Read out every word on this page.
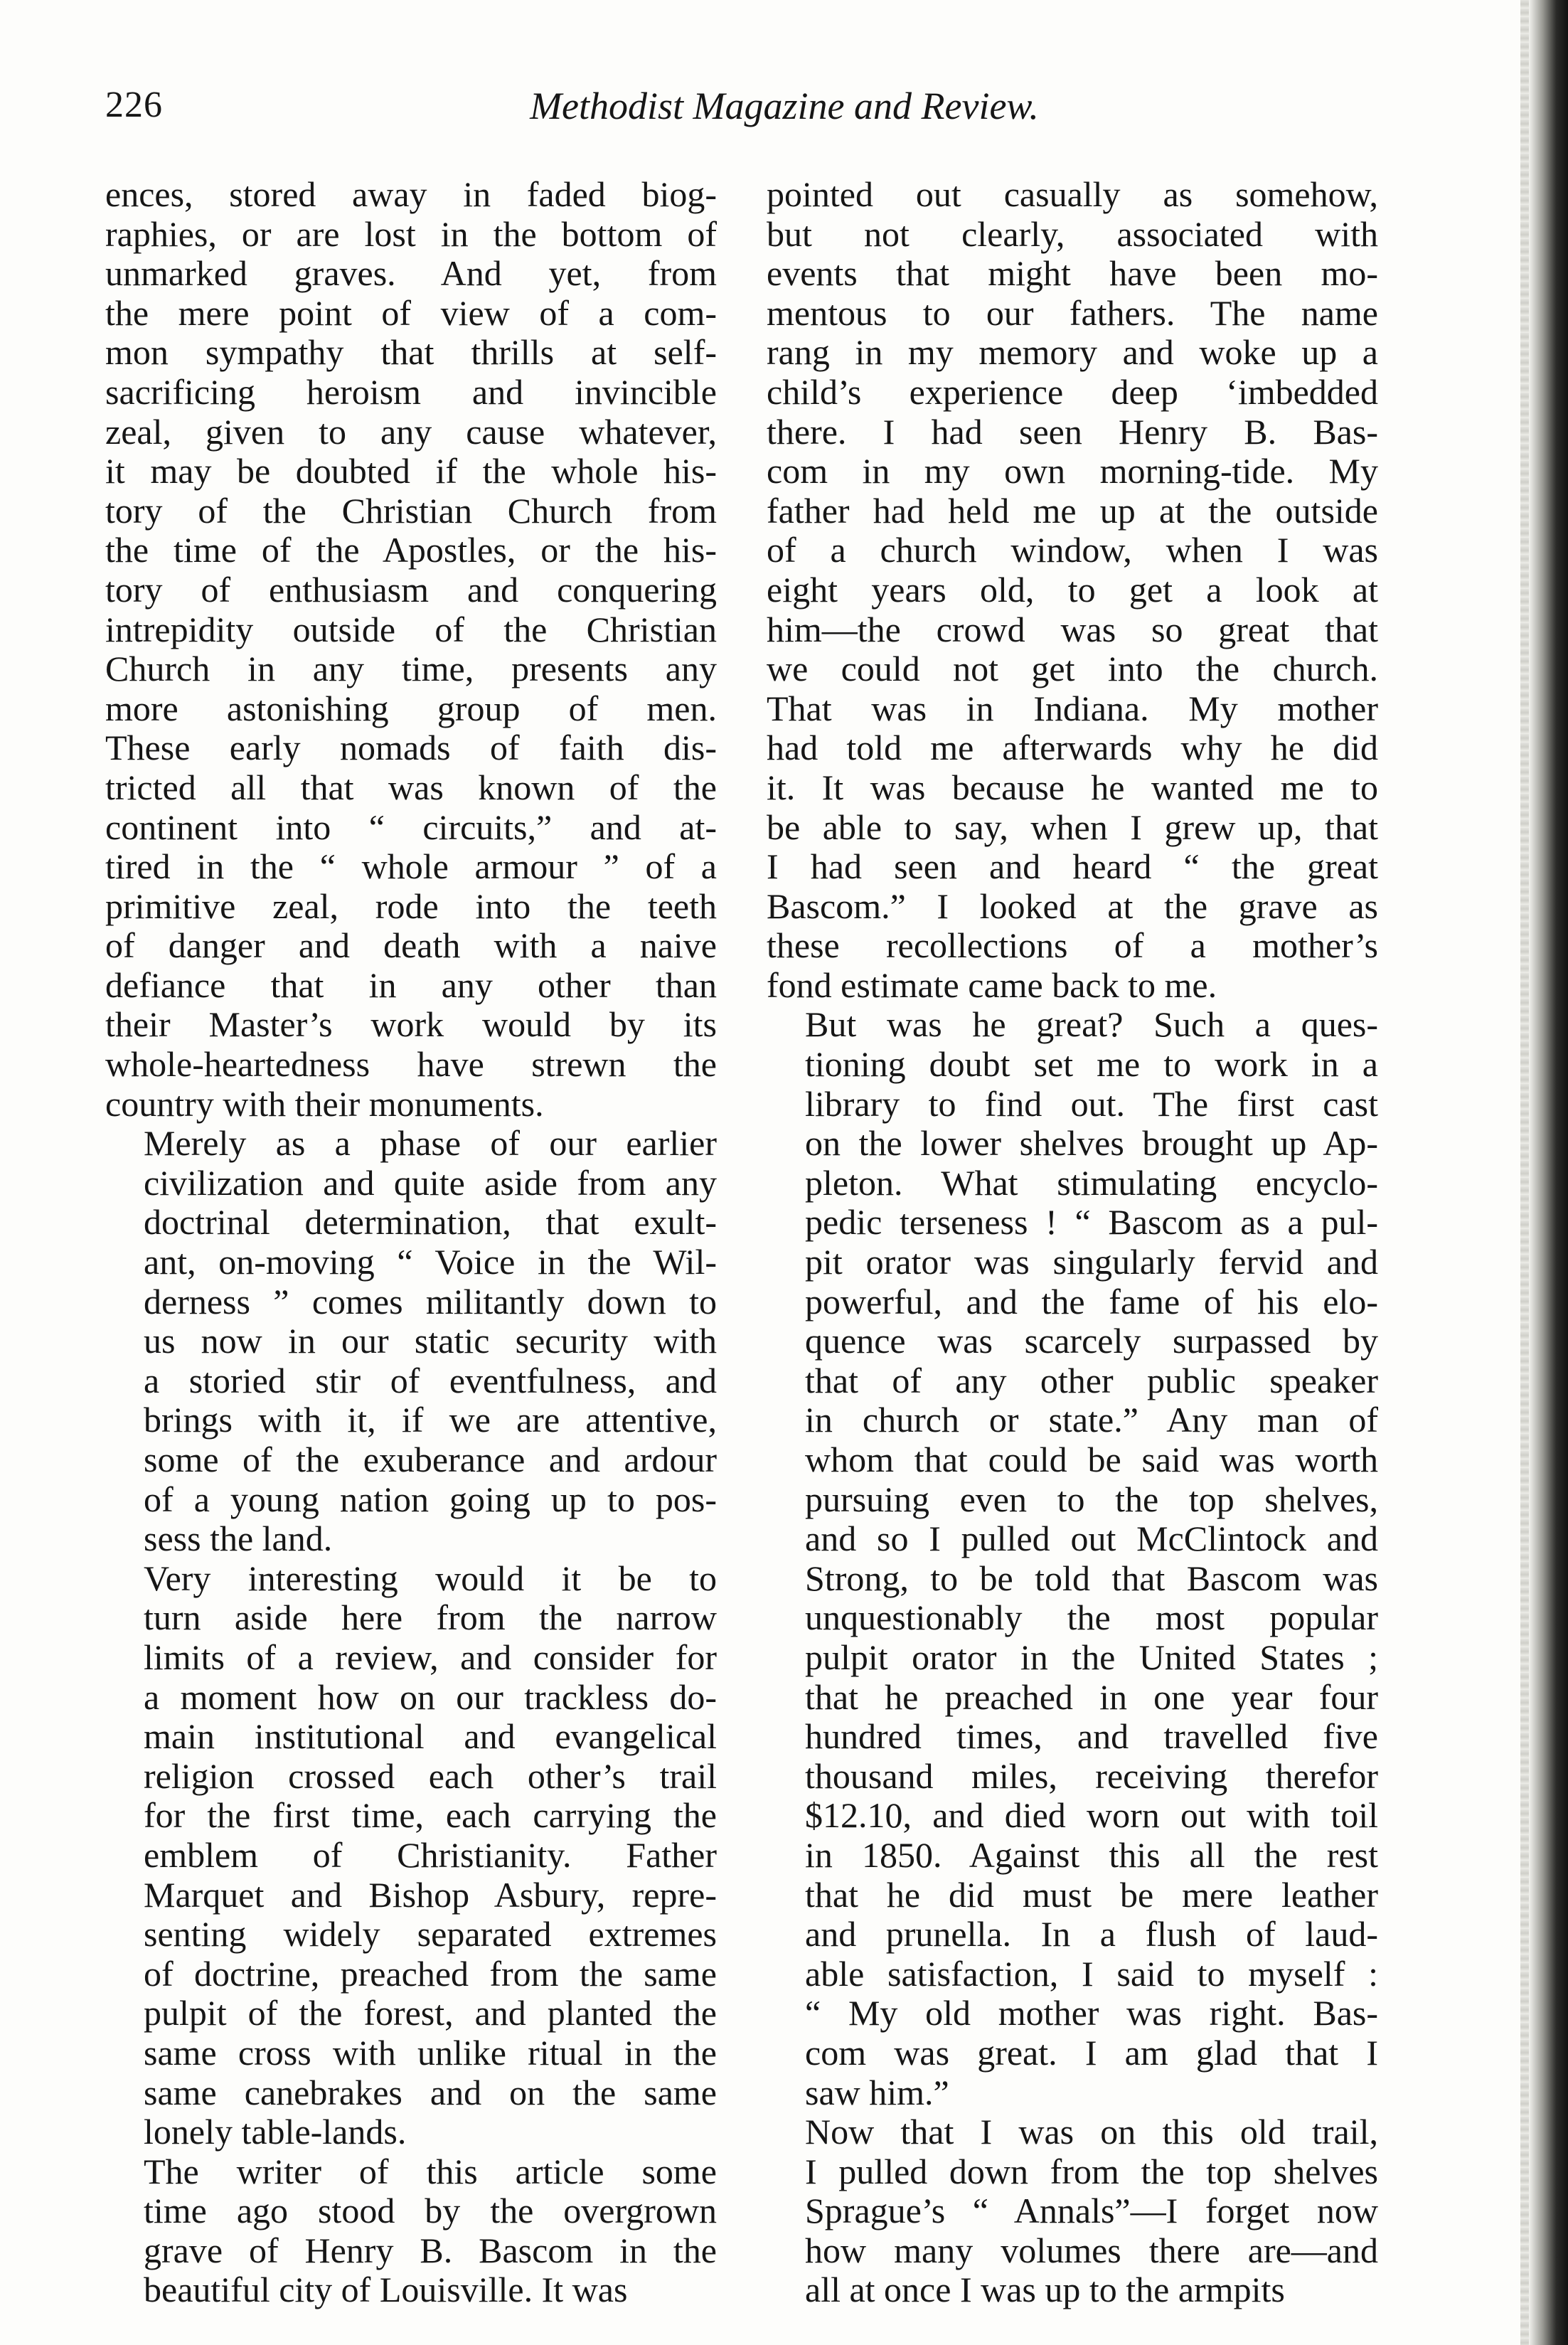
226	Methodist Magazine and Review.

ences, stored away in faded biog-
raphies, or are lost in the bottom of
unmarked graves. And yet, from
the mere point of view of a com-
mon sympathy that thrills at self-
sacrificing heroism and invincible
zeal, given to any cause whatever,
it may be doubted if the whole his-
tory of the Christian Church from
the time of the Apostles, or the his-
tory of enthusiasm and conquering
intrepidity outside of the Christian
Church in any time, presents any
more astonishing group of men.
These early nomads of faith dis-
tricted all that was known of the
continent into “ circuits,” and at-
tired in the “ whole armour ” of a
primitive zeal, rode into the teeth
of danger and death with a naive
defiance that in any other than
their Master’s work would by its
whole-heartedness have strewn the
country with their monuments.

Merely as a phase of our earlier
civilization and quite aside from any
doctrinal determination, that exult-
ant, on-moving “ Voice in the Wil-
derness ” comes militantly down to
us now in our static security with
a storied stir of eventfulness, and
brings with it, if we are attentive,
some of the exuberance and ardour
of a young nation going up to pos-
sess the land.

Very interesting would it be to
turn aside here from the narrow
limits of a review, and consider for
a moment how on our trackless do-
main institutional and evangelical
religion crossed each other’s trail
for the first time, each carrying the
emblem of Christianity. Father
Marquet and Bishop Asbury, repre-
senting widely separated extremes
of doctrine, preached from the same
pulpit of the forest, and planted the
same cross with unlike ritual in the
same canebrakes and on the same
lonely table-lands.

The writer of this article some
time ago stood by the overgrown
grave of Henry B. Bascom in the
beautiful city of Louisville. It was

pointed out casually as somehow,
but not clearly, associated with
events that might have been mo-
mentous to our fathers. The name
rang in my memory and woke up a
child’s experience deep ‘imbedded
there. I had seen Henry B. Bas-
com in my own morning-tide. My
father had held me up at the outside
of a church window, when I was
eight years old, to get a look at
him—the crowd was so great that
we could not get into the church.
That was in Indiana. My mother
had told me afterwards why he did
it. It was because he wanted me to
be able to say, when I grew up, that
I had seen and heard “ the great
Bascom.” I looked at the grave as
these recollections of a mother’s
fond estimate came back to me.

But was he great? Such a ques-
tioning doubt set me to work in a
library to find out. The first cast
on the lower shelves brought up Ap-
pleton. What stimulating encyclo-
pedic terseness ! “ Bascom as a pul-
pit orator was singularly fervid and
powerful, and the fame of his elo-
quence was scarcely surpassed by
that of any other public speaker
in church or state.” Any man of
whom that could be said was worth
pursuing even to the top shelves,
and so I pulled out McClintock and
Strong, to be told that Bascom was
unquestionably the most popular
pulpit orator in the United States ;
that he preached in one year four
hundred times, and travelled five
thousand miles, receiving therefor
$12.10, and died worn out with toil
in 1850. Against this all the rest
that he did must be mere leather
and prunella. In a flush of laud-
able satisfaction, I said to myself :
“ My old mother was right. Bas-
com was great. I am glad that I
saw him.”

Now that I was on this old trail,
I pulled down from the top shelves
Sprague’s “ Annals”—I forget now
how many volumes there are—and
all at once I was up to the armpits
